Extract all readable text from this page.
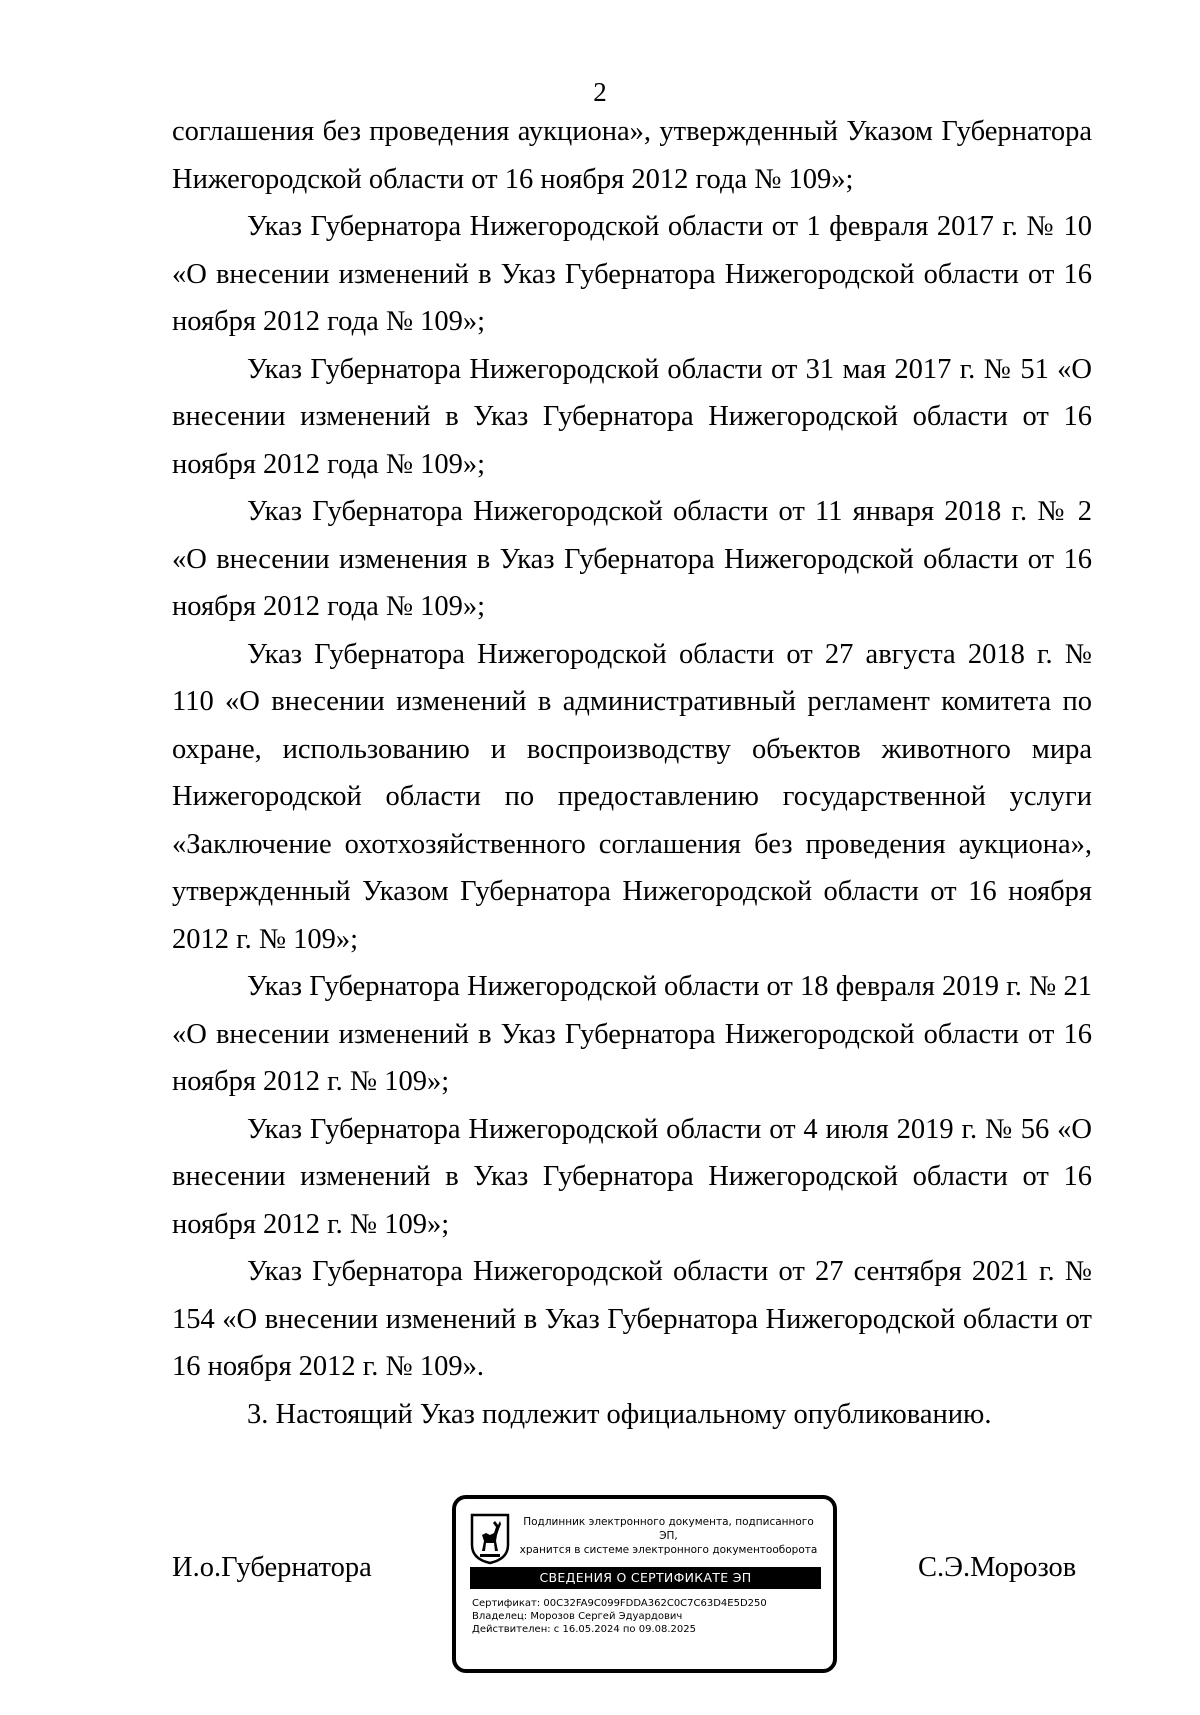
2

соглашения без проведения аукциона», утвержденный Указом Губернатора Нижегородской области от 16 ноября 2012 года № 109»;

Указ Губернатора Нижегородской области от 1 февраля 2017 г. № 10 «О внесении изменений в Указ Губернатора Нижегородской области от 16 ноября 2012 года № 109»;

Указ Губернатора Нижегородской области от 31 мая 2017 г. № 51 «О внесении изменений в Указ Губернатора Нижегородской области от 16 ноября 2012 года № 109»;

Указ Губернатора Нижегородской области от 11 января 2018 г. № 2 «О внесении изменения в Указ Губернатора Нижегородской области от 16 ноября 2012 года № 109»;

Указ Губернатора Нижегородской области от 27 августа 2018 г. № 110 «О внесении изменений в административный регламент комитета по охране, использованию и воспроизводству объектов животного мира Нижегородской области по предоставлению государственной услуги «Заключение охотхозяйственного соглашения без проведения аукциона», утвержденный Указом Губернатора Нижегородской области от 16 ноября 2012 г. № 109»;

Указ Губернатора Нижегородской области от 18 февраля 2019 г. № 21 «О внесении изменений в Указ Губернатора Нижегородской области от 16 ноября 2012 г. № 109»;

Указ Губернатора Нижегородской области от 4 июля 2019 г. № 56 «О внесении изменений в Указ Губернатора Нижегородской области от 16 ноября 2012 г. № 109»;

Указ Губернатора Нижегородской области от 27 сентября 2021 г. № 154 «О внесении изменений в Указ Губернатора Нижегородской области от 16 ноября 2012 г. № 109».

3. Настоящий Указ подлежит официальному опубликованию.

И.о.Губернатора
Подлинник электронного документа, подписанного ЭП,
хранится в системе электронного документооборота
СВЕДЕНИЯ О СЕРТИФИКАТЕ ЭП
Сертификат: 00C32FA9C099FDDA362C0C7C63D4E5D250
Владелец: Морозов Сергей Эдуардович
Действителен: с 16.05.2024 по 09.08.2025
С.Э.Морозов
